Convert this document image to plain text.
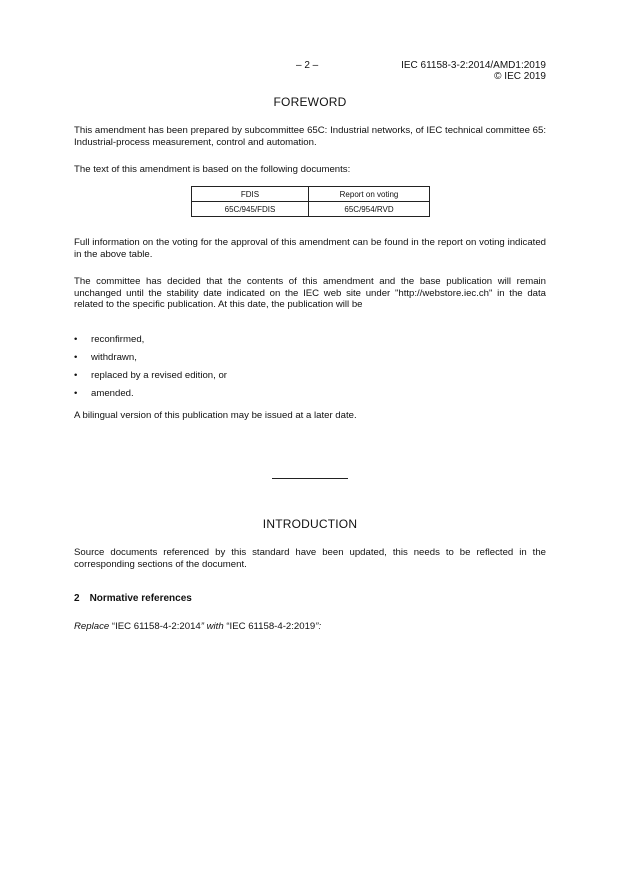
– 2 –	IEC 61158-3-2:2014/AMD1:2019
© IEC 2019
FOREWORD

This amendment has been prepared by subcommittee 65C: Industrial networks, of IEC technical committee 65: Industrial-process measurement, control and automation.

The text of this amendment is based on the following documents:

FDIS	Report on voting
65C/945/FDIS	65C/954/RVD

Full information on the voting for the approval of this amendment can be found in the report on voting indicated in the above table.

The committee has decided that the contents of this amendment and the base publication will remain unchanged until the stability date indicated on the IEC web site under "http://webstore.iec.ch" in the data related to the specific publication. At this date, the publication will be

• reconfirmed,
• withdrawn,
• replaced by a revised edition, or
• amended.

A bilingual version of this publication may be issued at a later date.

INTRODUCTION

Source documents referenced by this standard have been updated, this needs to be reflected in the corresponding sections of the document.

2 Normative references
Replace “IEC 61158-4-2:2014” with “IEC 61158-4-2:2019”:
